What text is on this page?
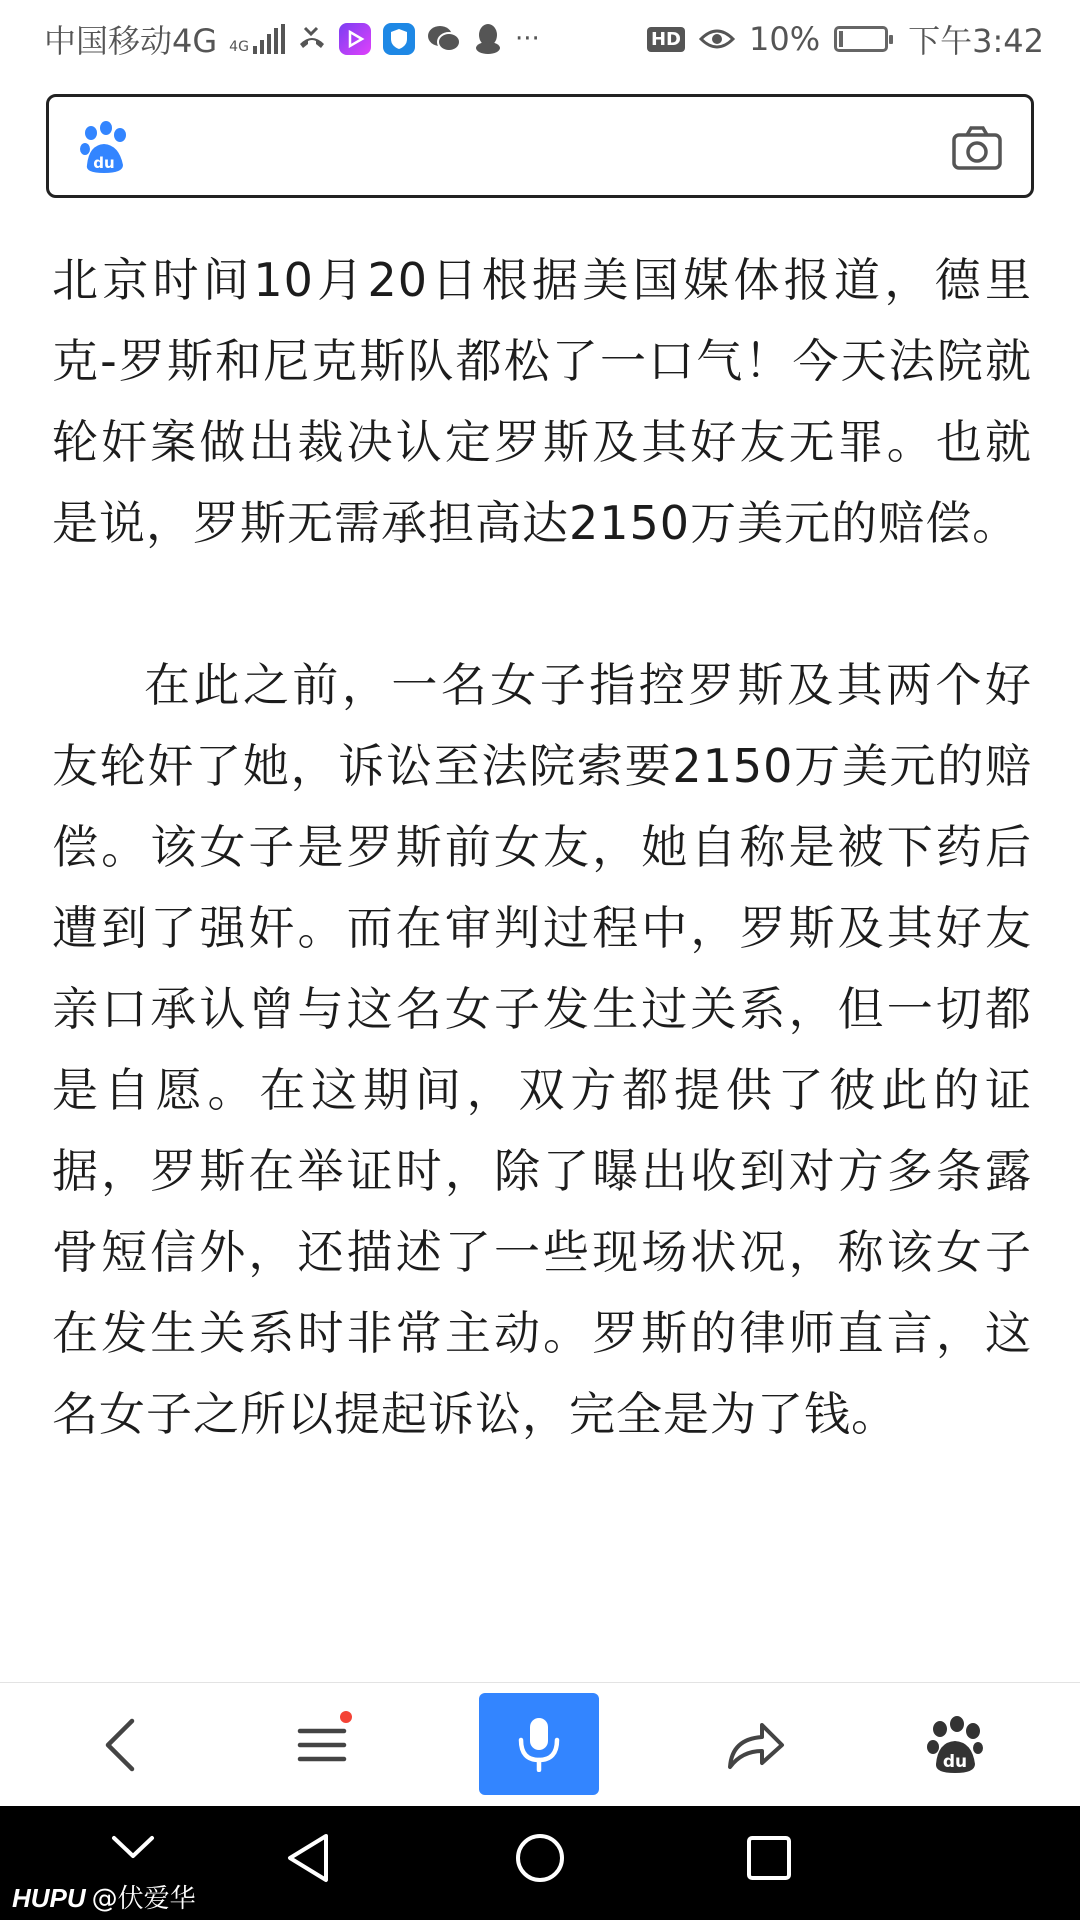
中国移动4G 4G	···	HD 10%	下午3:42
du

北京时间10月20日根据美国媒体报道，德里克-罗斯和尼克斯队都松了一口气！今天法院就轮奸案做出裁决认定罗斯及其好友无罪。也就是说，罗斯无需承担高达2150万美元的赔偿。

在此之前，一名女子指控罗斯及其两个好友轮奸了她，诉讼至法院索要2150万美元的赔偿。该女子是罗斯前女友，她自称是被下药后遭到了强奸。而在审判过程中，罗斯及其好友亲口承认曾与这名女子发生过关系，但一切都是自愿。在这期间，双方都提供了彼此的证据，罗斯在举证时，除了曝出收到对方多条露骨短信外，还描述了一些现场状况，称该女子在发生关系时非常主动。罗斯的律师直言，这名女子之所以提起诉讼，完全是为了钱。

du
HUPU @伏爱华
